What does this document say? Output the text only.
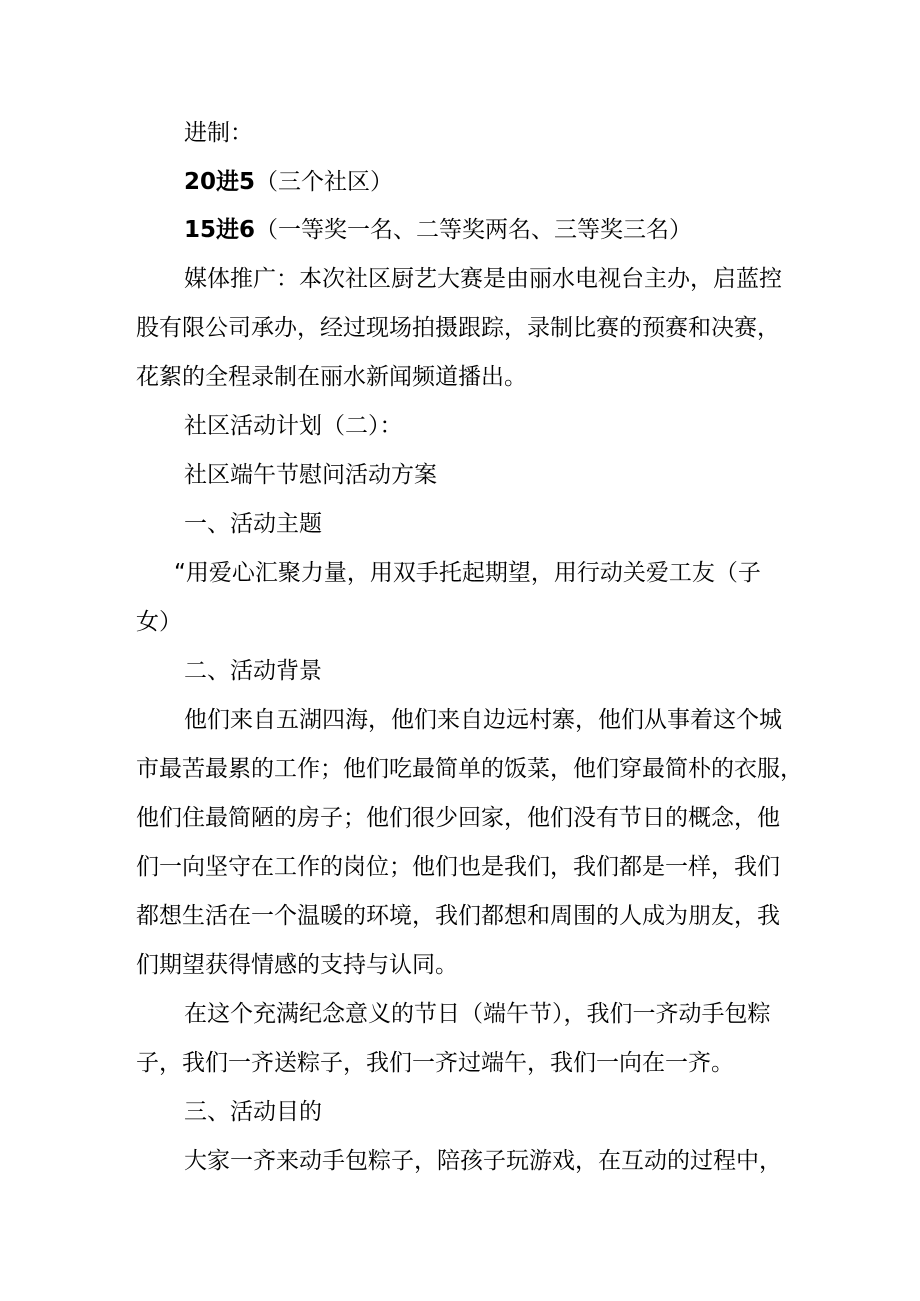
进制：
20进5（三个社区）
15进6（一等奖一名、二等奖两名、三等奖三名）
媒体推广：本次社区厨艺大赛是由丽水电视台主办，启蓝控
股有限公司承办，经过现场拍摄跟踪，录制比赛的预赛和决赛，
花絮的全程录制在丽水新闻频道播出。
社区活动计划（二）：
社区端午节慰问活动方案
一、活动主题
“用爱心汇聚力量，用双手托起期望，用行动关爱工友（子
女）
二、活动背景
他们来自五湖四海，他们来自边远村寨，他们从事着这个城
市最苦最累的工作；他们吃最简单的饭菜，他们穿最简朴的衣服，
他们住最简陋的房子；他们很少回家，他们没有节日的概念，他
们一向坚守在工作的岗位；他们也是我们，我们都是一样，我们
都想生活在一个温暖的环境，我们都想和周围的人成为朋友，我
们期望获得情感的支持与认同。
在这个充满纪念意义的节日（端午节），我们一齐动手包粽
子，我们一齐送粽子，我们一齐过端午，我们一向在一齐。
三、活动目的
大家一齐来动手包粽子，陪孩子玩游戏，在互动的过程中，
